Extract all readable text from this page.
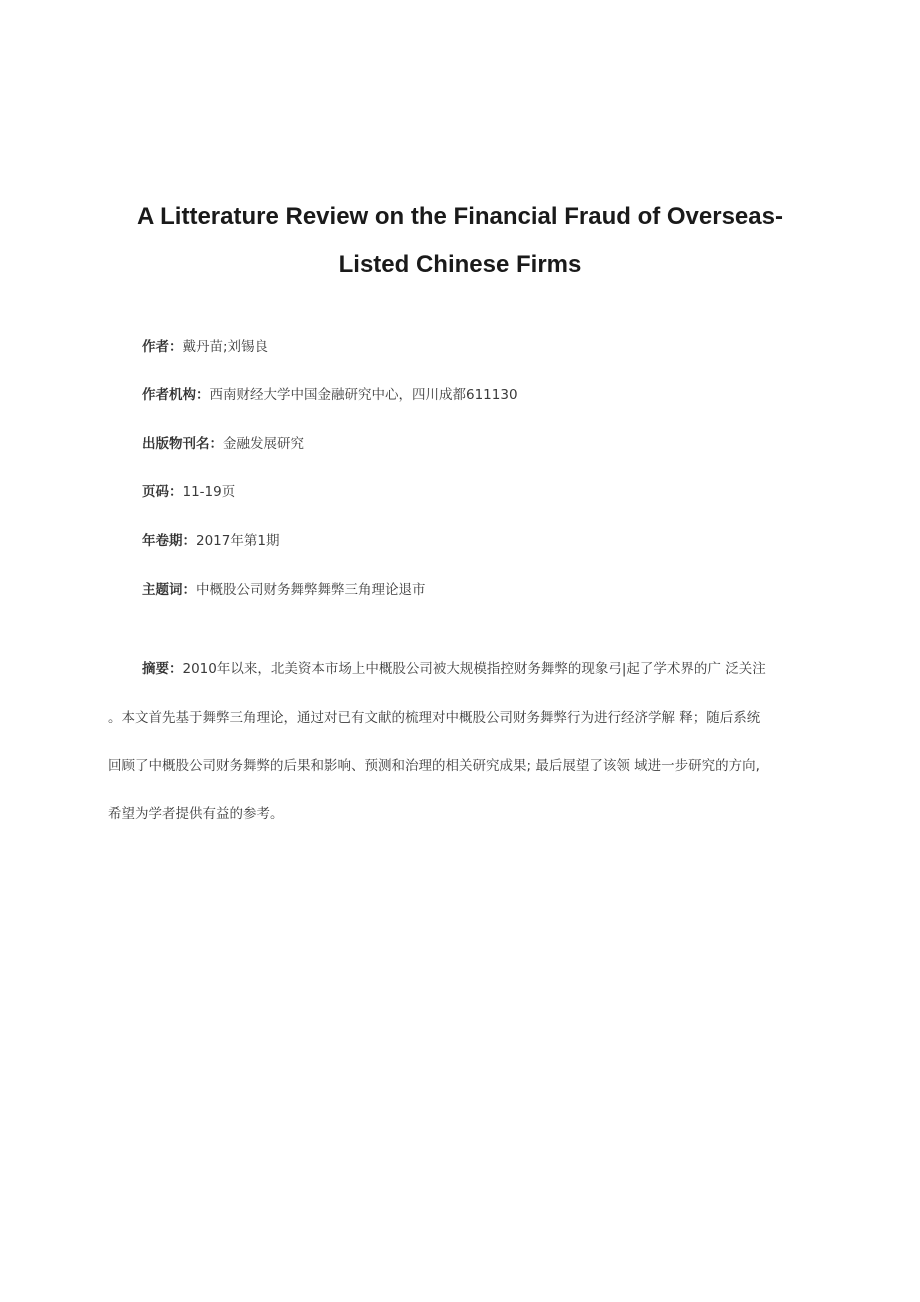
A Litterature Review on the Financial Fraud of Overseas-
Listed Chinese Firms
作者：戴丹苗;刘锡良
作者机构：西南财经大学中国金融研究中心，四川成都611130
出版物刊名：金融发展研究
页码：11-19页
年卷期：2017年第1期
主题词：中概股公司财务舞弊舞弊三角理论退市
摘要：2010年以来，北美资本市场上中概股公司被大规模指控财务舞弊的现象弓|起了学术界的广 泛关注
。本文首先基于舞弊三角理论，通过对已有文献的梳理对中概股公司财务舞弊行为进行经济学解 释；随后系统
回顾了中概股公司财务舞弊的后果和影响、预测和治理的相关研究成果; 最后展望了该领 域进一步研究的方向,
希望为学者提供有益的参考。
